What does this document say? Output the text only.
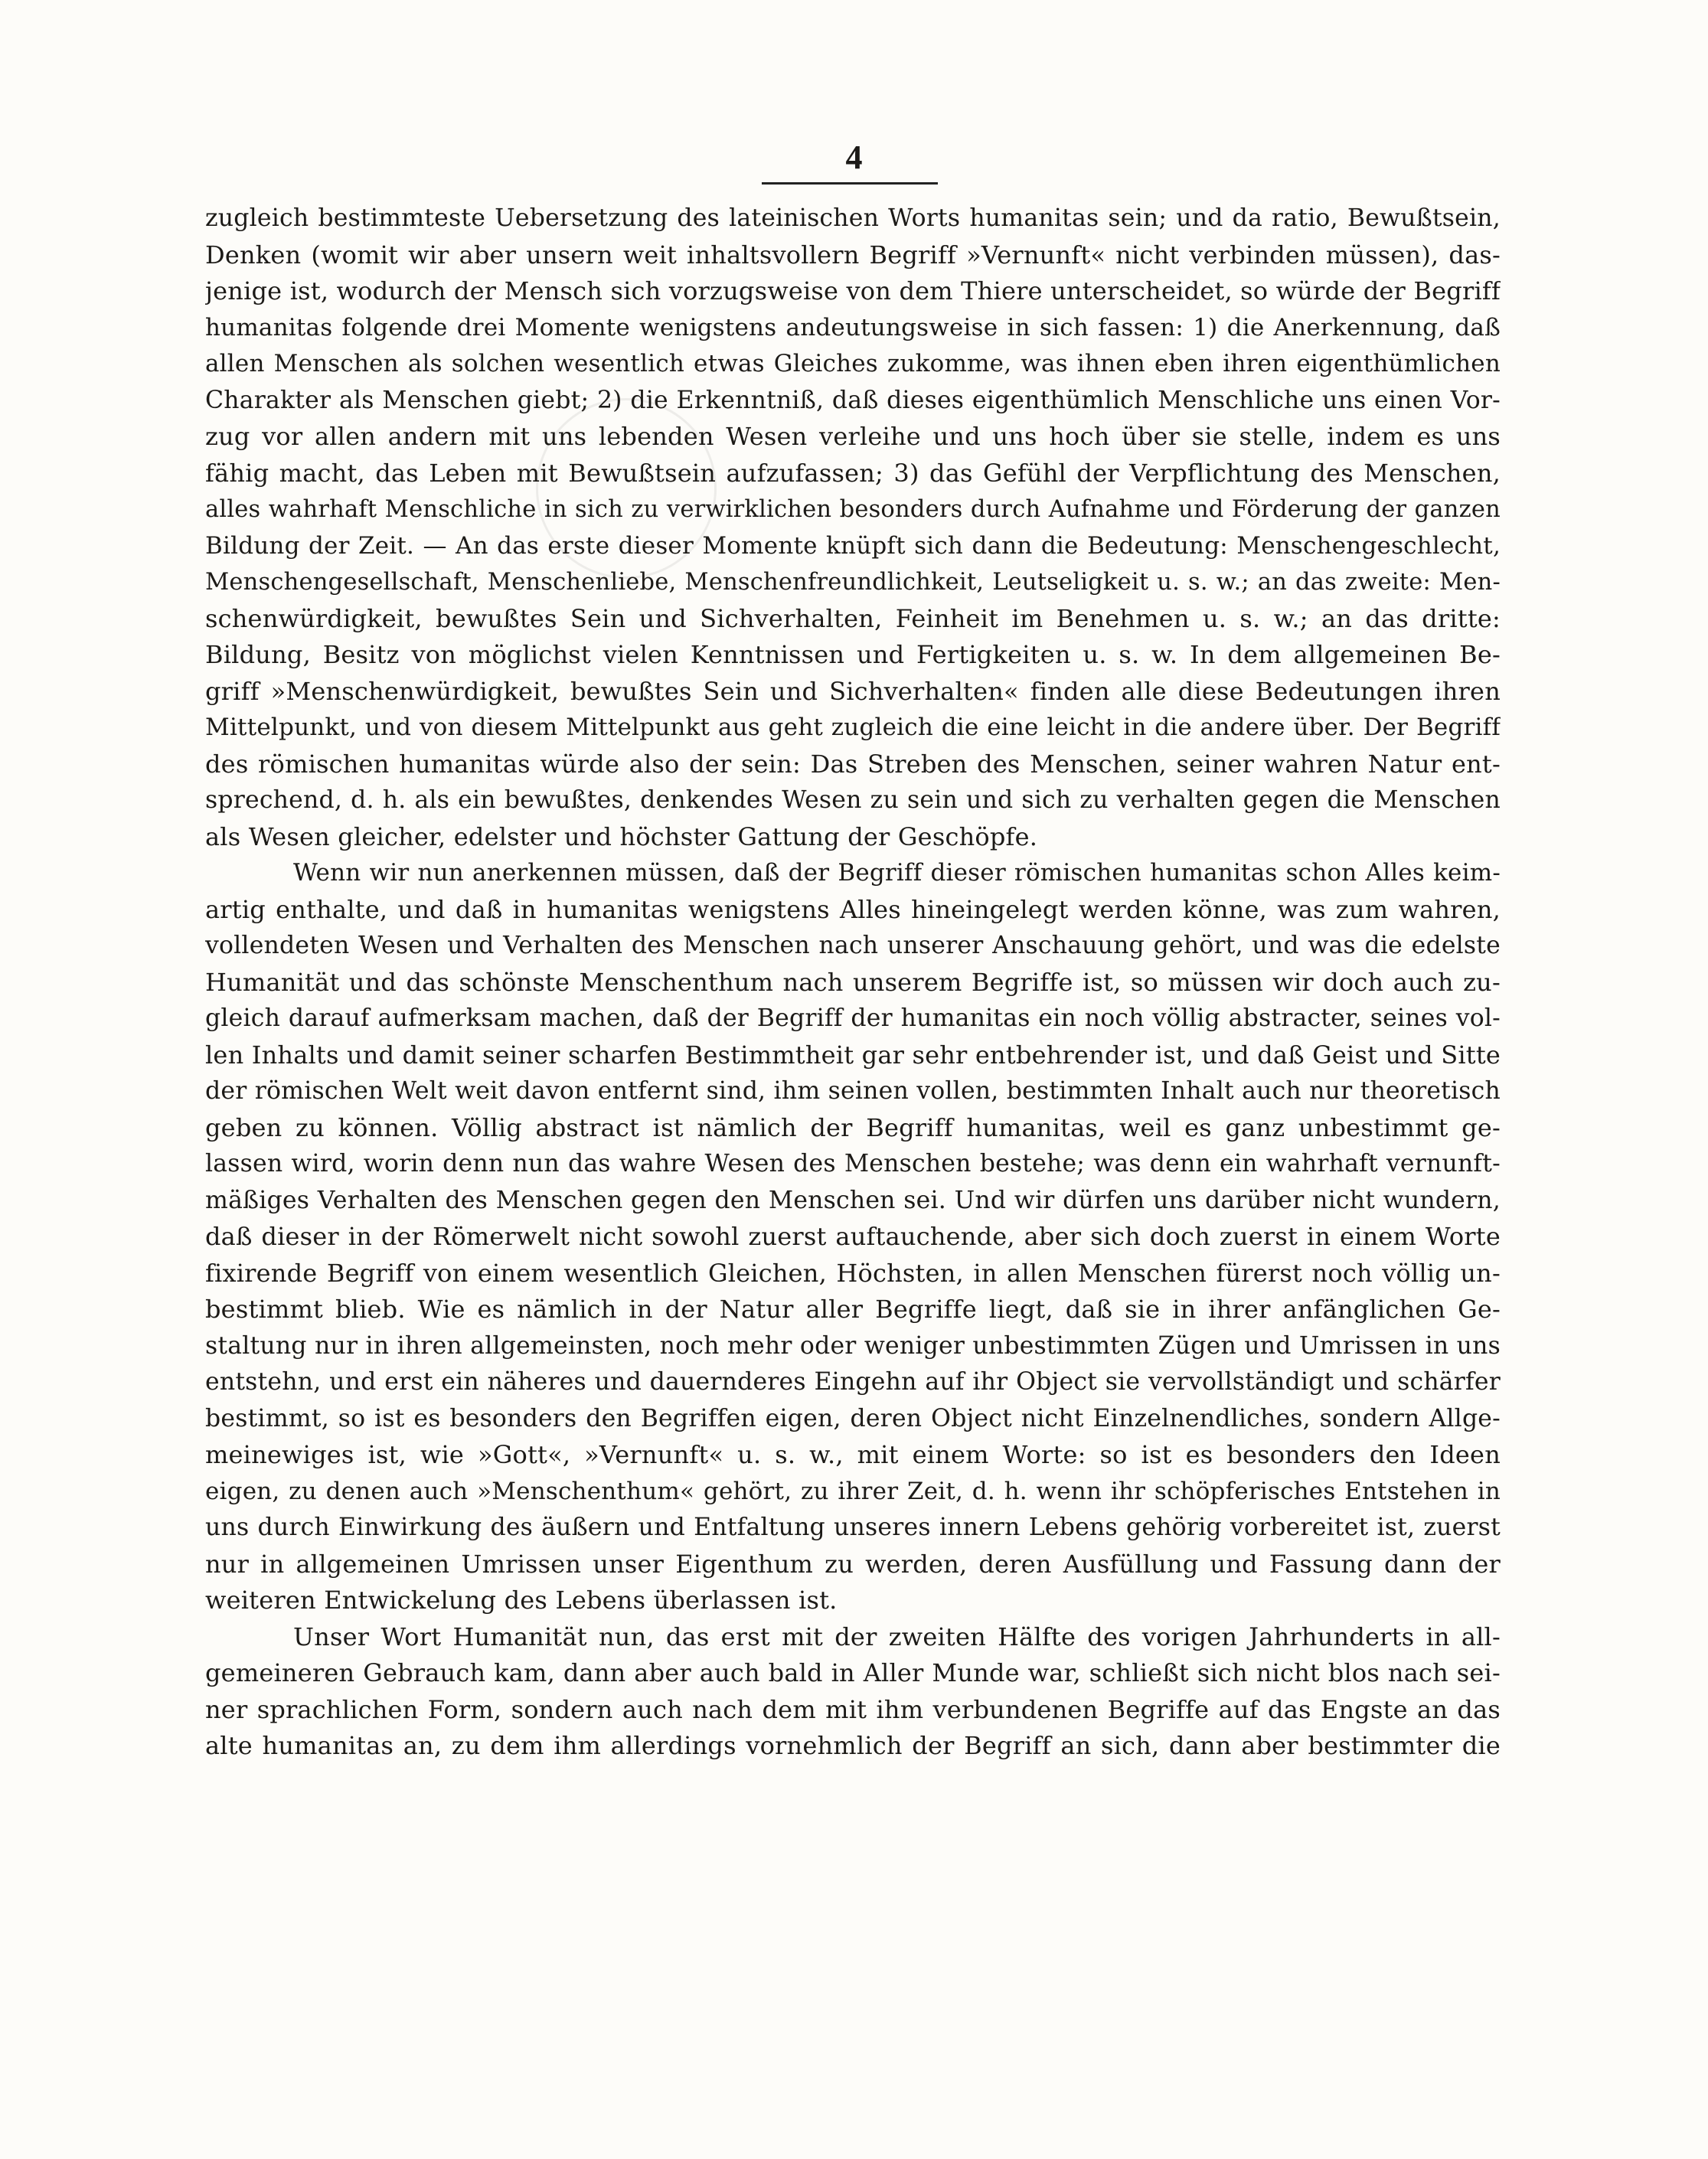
4
zugleich bestimmteste Uebersetzung des lateinischen Worts humanitas sein; und da ratio, Bewußtsein,
Denken (womit wir aber unsern weit inhaltsvollern Begriff »Vernunft« nicht verbinden müssen), das-
jenige ist, wodurch der Mensch sich vorzugsweise von dem Thiere unterscheidet, so würde der Begriff
humanitas folgende drei Momente wenigstens andeutungsweise in sich fassen: 1) die Anerkennung, daß
allen Menschen als solchen wesentlich etwas Gleiches zukomme, was ihnen eben ihren eigenthümlichen
Charakter als Menschen giebt; 2) die Erkenntniß, daß dieses eigenthümlich Menschliche uns einen Vor-
zug vor allen andern mit uns lebenden Wesen verleihe und uns hoch über sie stelle, indem es uns
fähig macht, das Leben mit Bewußtsein aufzufassen; 3) das Gefühl der Verpflichtung des Menschen,
alles wahrhaft Menschliche in sich zu verwirklichen besonders durch Aufnahme und Förderung der ganzen
Bildung der Zeit. — An das erste dieser Momente knüpft sich dann die Bedeutung: Menschengeschlecht,
Menschengesellschaft, Menschenliebe, Menschenfreundlichkeit, Leutseligkeit u. s. w.; an das zweite: Men-
schenwürdigkeit, bewußtes Sein und Sichverhalten, Feinheit im Benehmen u. s. w.; an das dritte:
Bildung, Besitz von möglichst vielen Kenntnissen und Fertigkeiten u. s. w. In dem allgemeinen Be-
griff »Menschenwürdigkeit, bewußtes Sein und Sichverhalten« finden alle diese Bedeutungen ihren
Mittelpunkt, und von diesem Mittelpunkt aus geht zugleich die eine leicht in die andere über. Der Begriff
des römischen humanitas würde also der sein: Das Streben des Menschen, seiner wahren Natur ent-
sprechend, d. h. als ein bewußtes, denkendes Wesen zu sein und sich zu verhalten gegen die Menschen
als Wesen gleicher, edelster und höchster Gattung der Geschöpfe.
Wenn wir nun anerkennen müssen, daß der Begriff dieser römischen humanitas schon Alles keim-
artig enthalte, und daß in humanitas wenigstens Alles hineingelegt werden könne, was zum wahren,
vollendeten Wesen und Verhalten des Menschen nach unserer Anschauung gehört, und was die edelste
Humanität und das schönste Menschenthum nach unserem Begriffe ist, so müssen wir doch auch zu-
gleich darauf aufmerksam machen, daß der Begriff der humanitas ein noch völlig abstracter, seines vol-
len Inhalts und damit seiner scharfen Bestimmtheit gar sehr entbehrender ist, und daß Geist und Sitte
der römischen Welt weit davon entfernt sind, ihm seinen vollen, bestimmten Inhalt auch nur theoretisch
geben zu können. Völlig abstract ist nämlich der Begriff humanitas, weil es ganz unbestimmt ge-
lassen wird, worin denn nun das wahre Wesen des Menschen bestehe; was denn ein wahrhaft vernunft-
mäßiges Verhalten des Menschen gegen den Menschen sei. Und wir dürfen uns darüber nicht wundern,
daß dieser in der Römerwelt nicht sowohl zuerst auftauchende, aber sich doch zuerst in einem Worte
fixirende Begriff von einem wesentlich Gleichen, Höchsten, in allen Menschen fürerst noch völlig un-
bestimmt blieb. Wie es nämlich in der Natur aller Begriffe liegt, daß sie in ihrer anfänglichen Ge-
staltung nur in ihren allgemeinsten, noch mehr oder weniger unbestimmten Zügen und Umrissen in uns
entstehn, und erst ein näheres und dauernderes Eingehn auf ihr Object sie vervollständigt und schärfer
bestimmt, so ist es besonders den Begriffen eigen, deren Object nicht Einzelnendliches, sondern Allge-
meinewiges ist, wie »Gott«, »Vernunft« u. s. w., mit einem Worte: so ist es besonders den Ideen
eigen, zu denen auch »Menschenthum« gehört, zu ihrer Zeit, d. h. wenn ihr schöpferisches Entstehen in
uns durch Einwirkung des äußern und Entfaltung unseres innern Lebens gehörig vorbereitet ist, zuerst
nur in allgemeinen Umrissen unser Eigenthum zu werden, deren Ausfüllung und Fassung dann der
weiteren Entwickelung des Lebens überlassen ist.
Unser Wort Humanität nun, das erst mit der zweiten Hälfte des vorigen Jahrhunderts in all-
gemeineren Gebrauch kam, dann aber auch bald in Aller Munde war, schließt sich nicht blos nach sei-
ner sprachlichen Form, sondern auch nach dem mit ihm verbundenen Begriffe auf das Engste an das
alte humanitas an, zu dem ihm allerdings vornehmlich der Begriff an sich, dann aber bestimmter die
